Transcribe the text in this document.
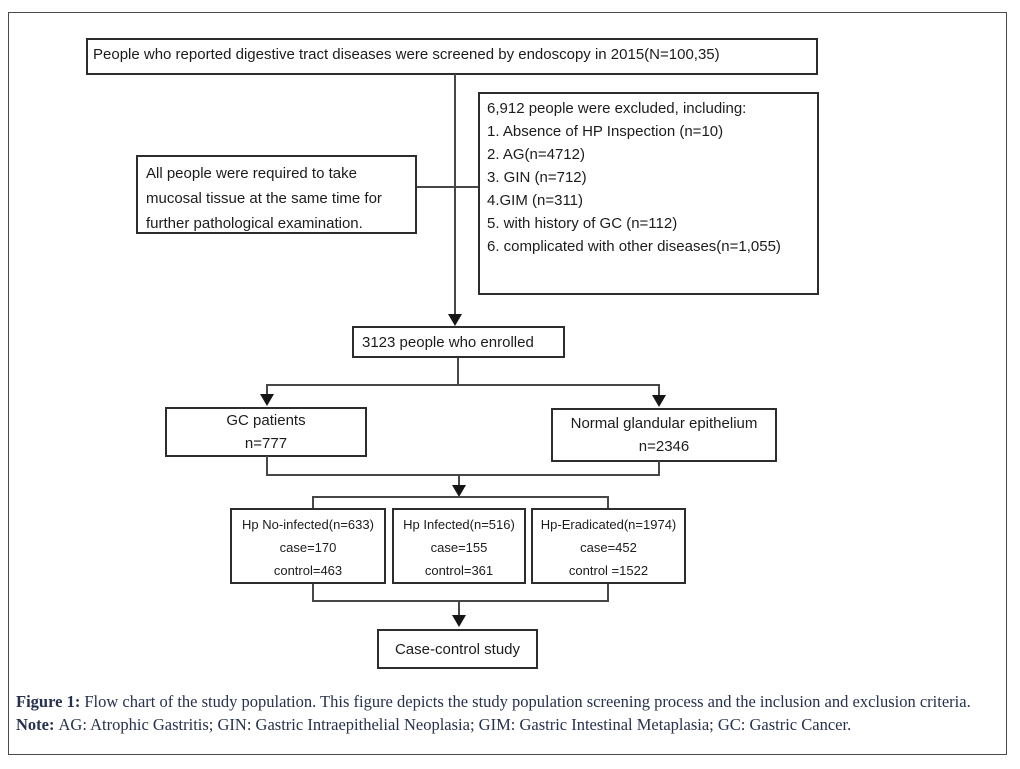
People who reported digestive tract diseases were screened by endoscopy in 2015(N=100,35)
6,912 people were excluded, including:
1. Absence of HP Inspection (n=10)
2. AG(n=4712)
3. GIN (n=712)
4.GIM (n=311)
5. with history of GC (n=112)
6. complicated with other diseases(n=1,055)
All people were required to take
mucosal tissue at the same time for
further pathological examination.
3123 people who enrolled
GC patients
n=777
Normal glandular epithelium
n=2346
Hp No-infected(n=633)
case=170
control=463
Hp Infected(n=516)
case=155
control=361
Hp-Eradicated(n=1974)
case=452
control =1522
Case-control study
Figure 1: Flow chart of the study population. This figure depicts the study population screening process and the inclusion and exclusion criteria.
Note: AG: Atrophic Gastritis; GIN: Gastric Intraepithelial Neoplasia; GIM: Gastric Intestinal Metaplasia; GC: Gastric Cancer.
